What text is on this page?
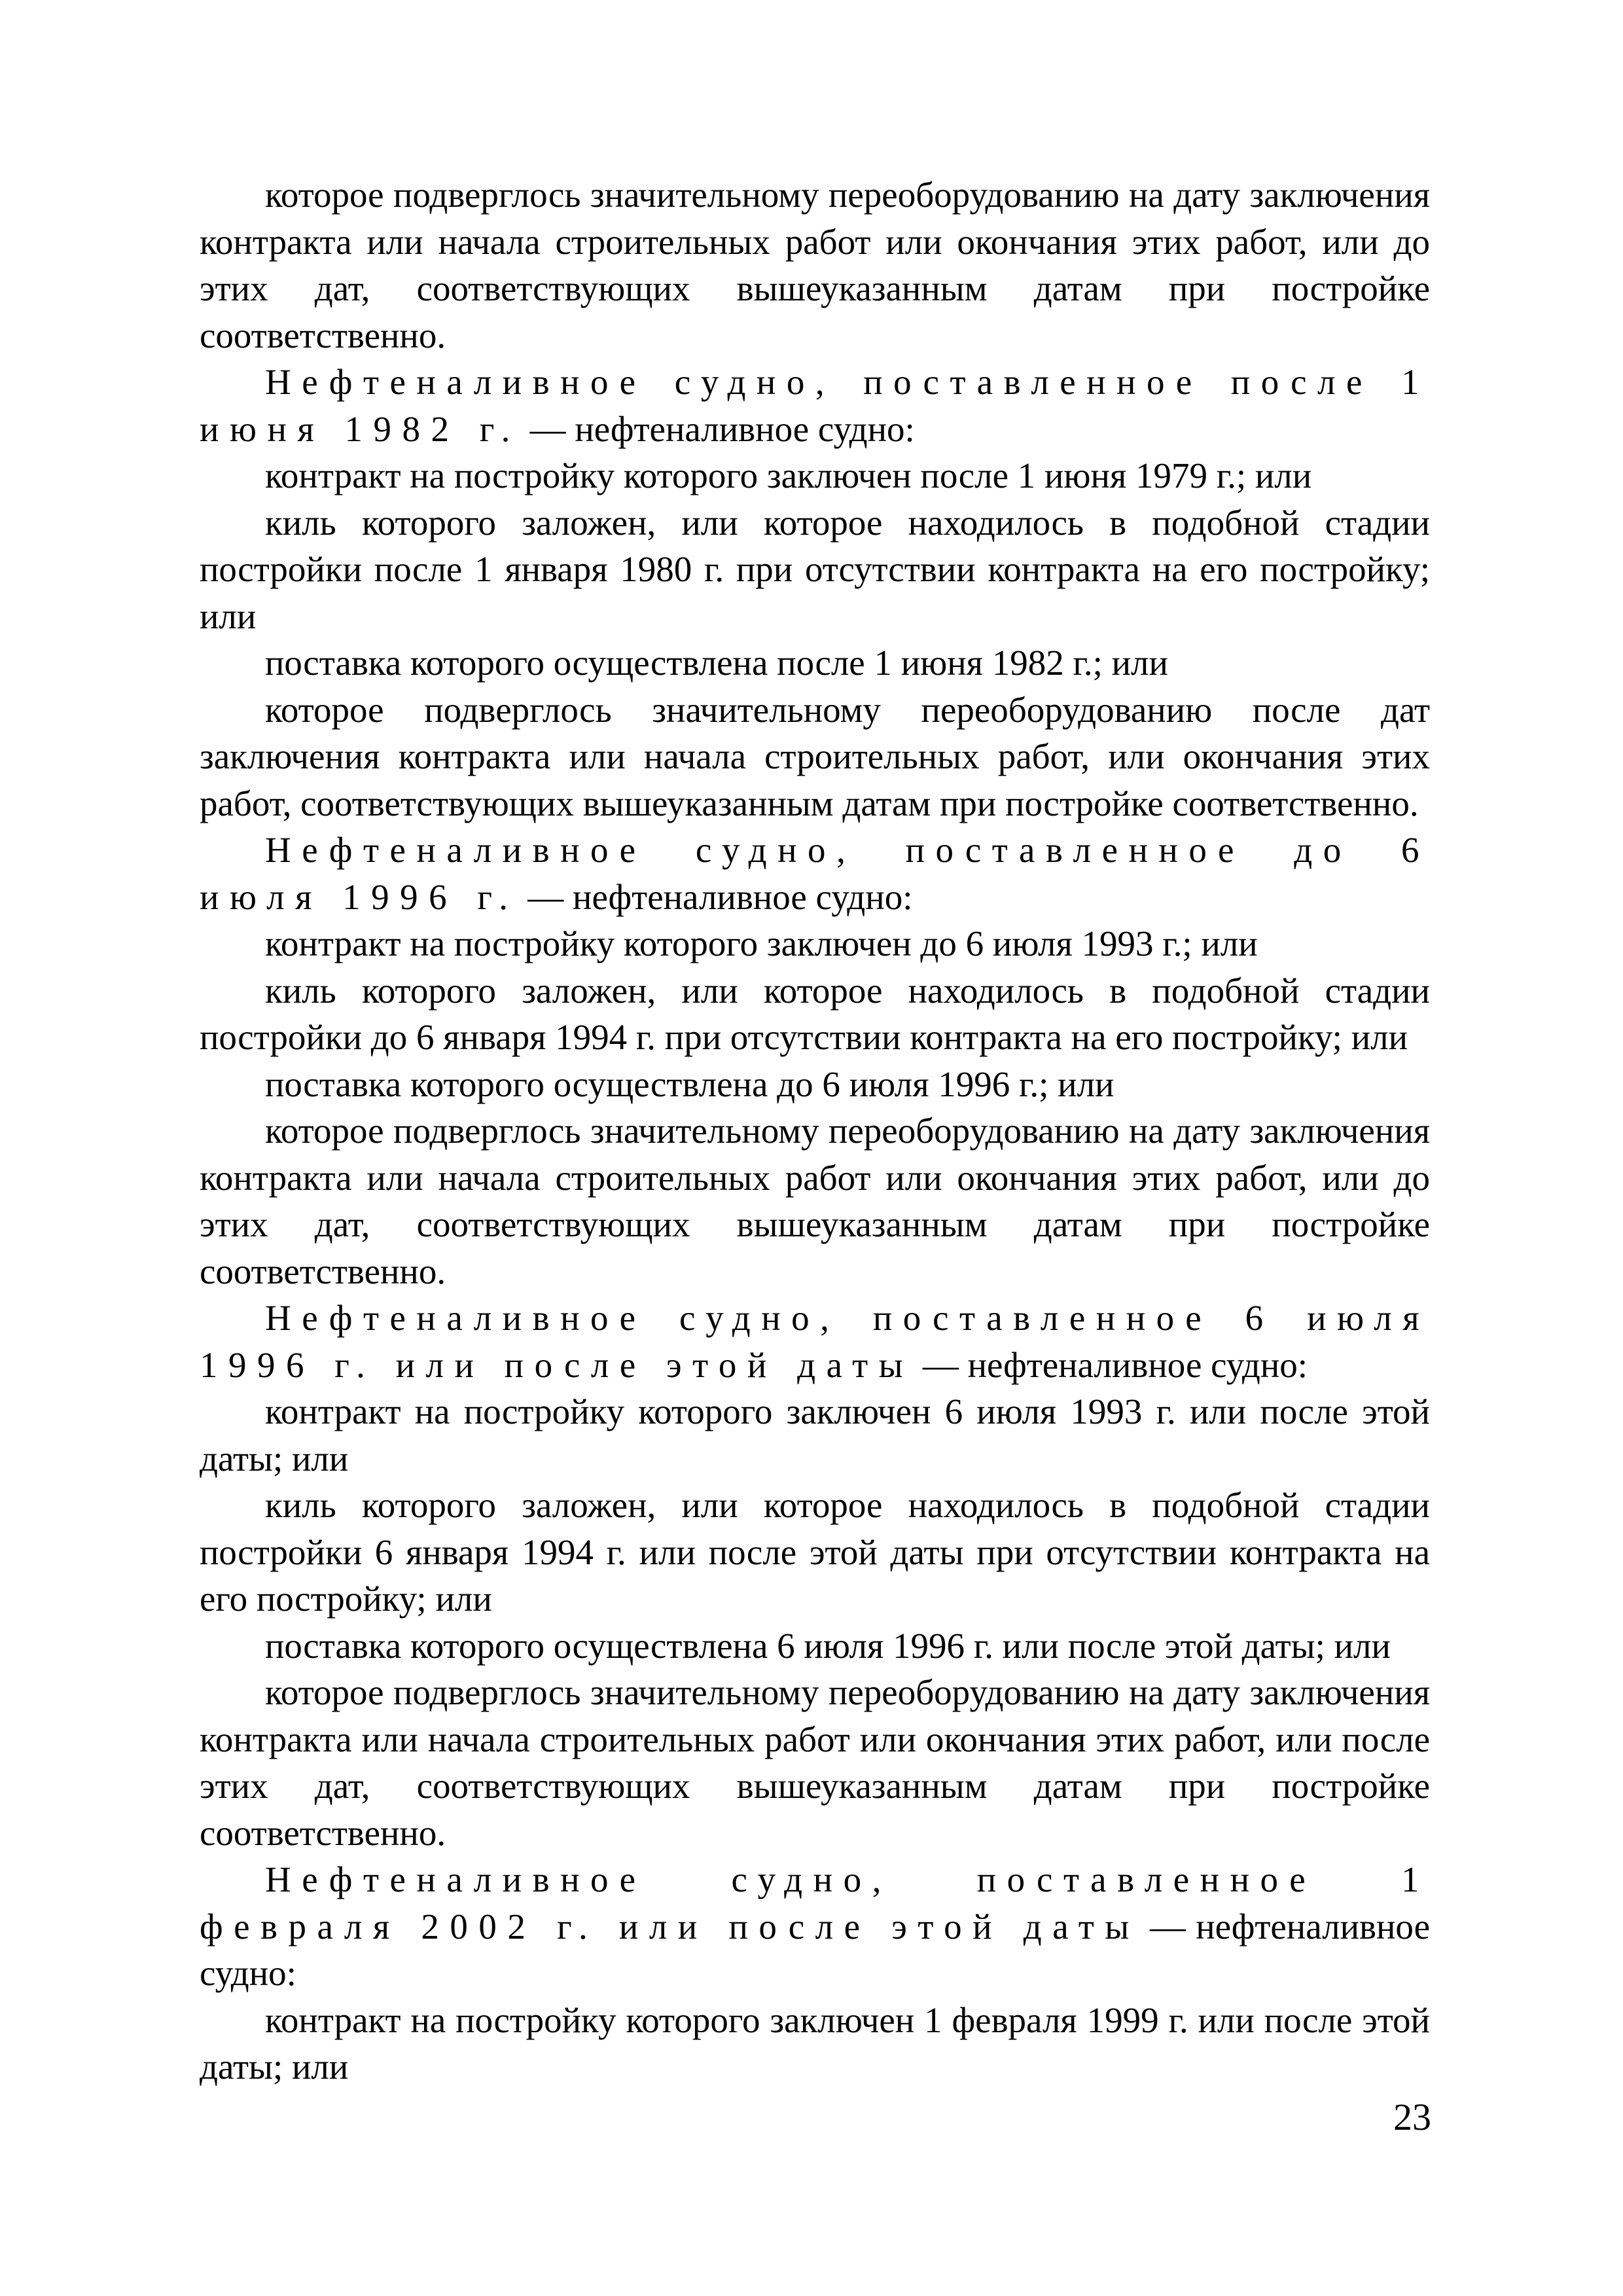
которое подверглось значительному переоборудованию на дату заключения контракта или начала строительных работ или окончания этих работ, или до этих дат, соответствующих вышеуказанным датам при постройке соответственно.

Нефтеналивное судно, поставленное после 1 июня 1982 г. — нефтеналивное судно:

контракт на постройку которого заключен после 1 июня 1979 г.; или

киль которого заложен, или которое находилось в подобной стадии постройки после 1 января 1980 г. при отсутствии контракта на его постройку; или

поставка которого осуществлена после 1 июня 1982 г.; или

которое подверглось значительному переоборудованию после дат заключения контракта или начала строительных работ, или окончания этих работ, соответствующих вышеуказанным датам при постройке соответственно.

Нефтеналивное судно, поставленное до 6 июля 1996 г. — нефтеналивное судно:

контракт на постройку которого заключен до 6 июля 1993 г.; или

киль которого заложен, или которое находилось в подобной стадии постройки до 6 января 1994 г. при отсутствии контракта на его постройку; или

поставка которого осуществлена до 6 июля 1996 г.; или

которое подверглось значительному переоборудованию на дату заключения контракта или начала строительных работ или окончания этих работ, или до этих дат, соответствующих вышеуказанным датам при постройке соответственно.

Нефтеналивное судно, поставленное 6 июля 1996 г. или после этой даты — нефтеналивное судно:

контракт на постройку которого заключен 6 июля 1993 г. или после этой даты; или

киль которого заложен, или которое находилось в подобной стадии постройки 6 января 1994 г. или после этой даты при отсутствии контракта на его постройку; или

поставка которого осуществлена 6 июля 1996 г. или после этой даты; или

которое подверглось значительному переоборудованию на дату заключения контракта или начала строительных работ или окончания этих работ, или после этих дат, соответствующих вышеуказанным датам при постройке соответственно.

Нефтеналивное судно, поставленное 1 февраля 2002 г. или после этой даты — нефтеналивное судно:

контракт на постройку которого заключен 1 февраля 1999 г. или после этой даты; или

23
